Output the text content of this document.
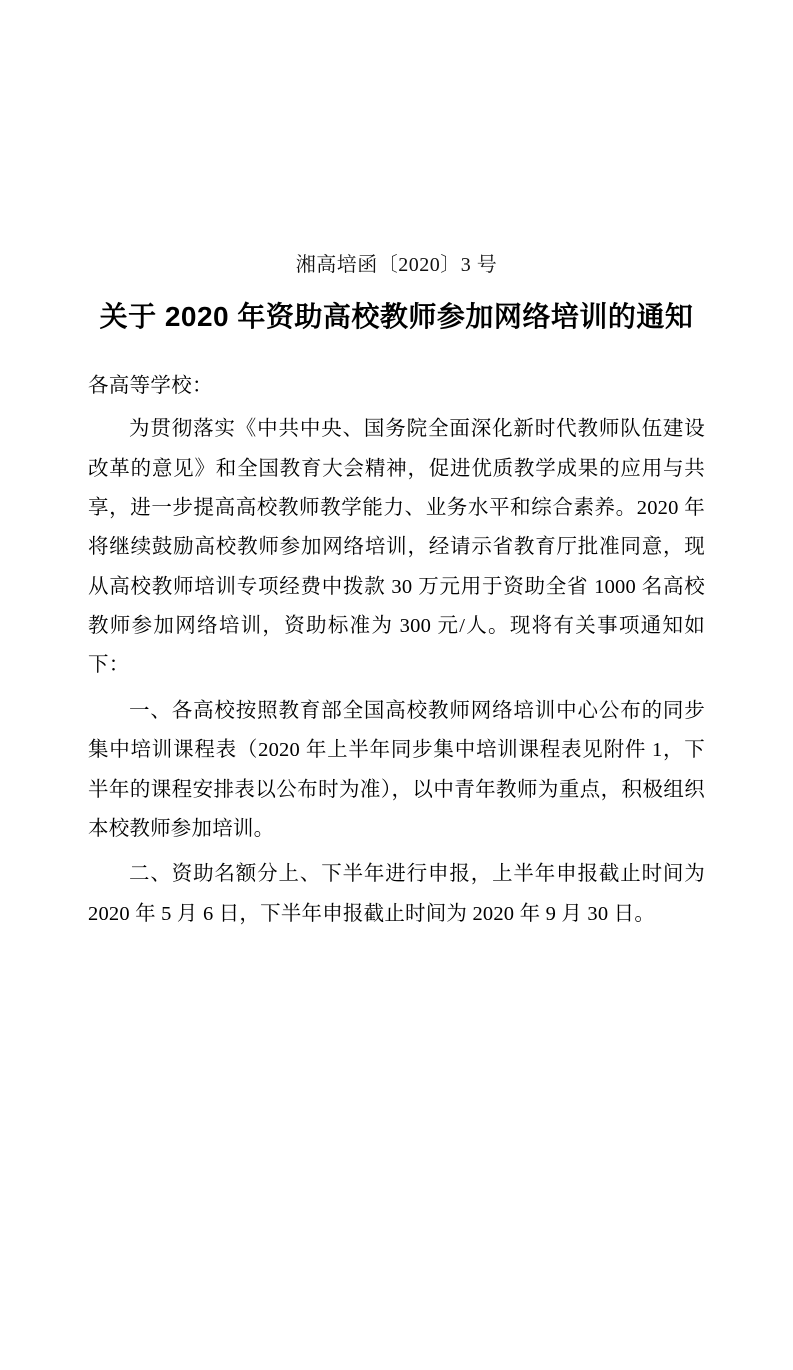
湘高培函〔2020〕3 号
关于 2020 年资助高校教师参加网络培训的通知
各高等学校：

为贯彻落实《中共中央、国务院全面深化新时代教师队伍建设改革的意见》和全国教育大会精神，促进优质教学成果的应用与共享，进一步提高高校教师教学能力、业务水平和综合素养。2020 年将继续鼓励高校教师参加网络培训，经请示省教育厅批准同意，现从高校教师培训专项经费中拨款 30 万元用于资助全省 1000 名高校教师参加网络培训，资助标准为 300 元/人。现将有关事项通知如下：

一、各高校按照教育部全国高校教师网络培训中心公布的同步集中培训课程表（2020 年上半年同步集中培训课程表见附件 1，下半年的课程安排表以公布时为准），以中青年教师为重点，积极组织本校教师参加培训。

二、资助名额分上、下半年进行申报，上半年申报截止时间为 2020 年 5 月 6 日，下半年申报截止时间为 2020 年 9 月 30 日。
